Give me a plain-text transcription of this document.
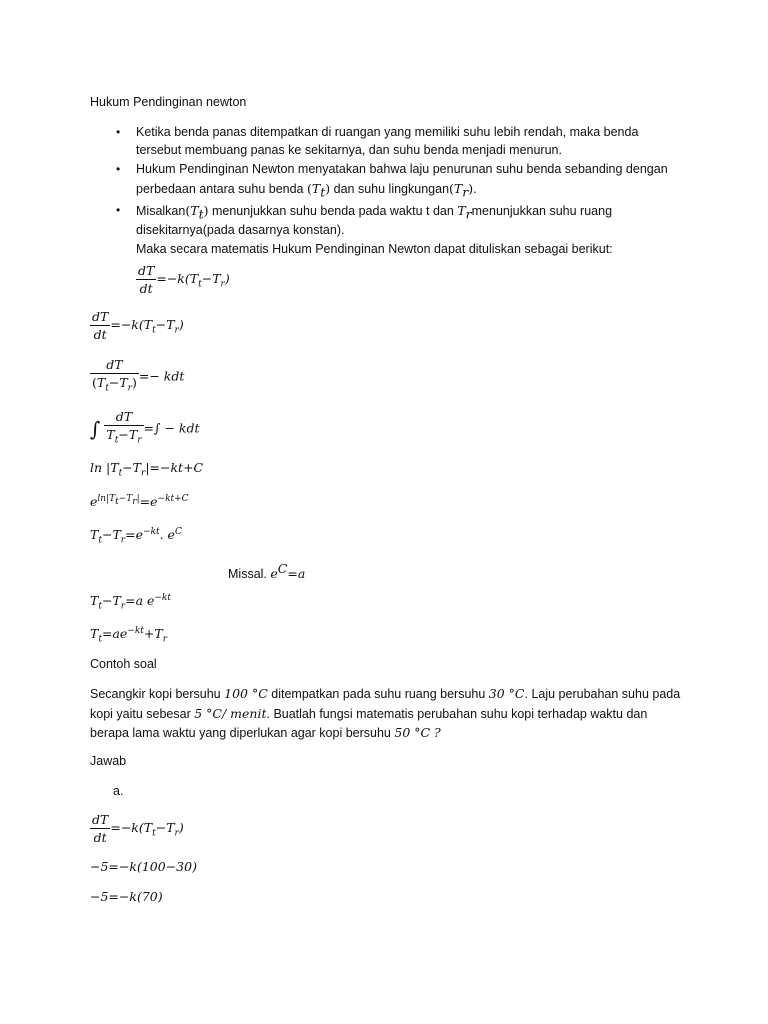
Hukum Pendinginan newton
• Ketika benda panas ditempatkan di ruangan yang memiliki suhu lebih rendah, maka benda
tersebut membuang panas ke sekitarnya, dan suhu benda menjadi menurun.
• Hukum Pendinginan Newton menyatakan bahwa laju penurunan suhu benda sebanding dengan
perbedaan antara suhu benda $(T_t)$ dan suhu $lingkungan(T_r)$.
• $Misalkan(T_t)$ menunjukkan suhu benda pada waktu t dan $T_rmenunjukkan$ suhu ruang
disekitarnya(pada dasarnya konstan).
Maka secara matematis Hukum Pendinginan Newton dapat dituliskan sebagai berikut:
$\frac{dT}{dt} =-k(T_t-T_r)$
$\frac{dT}{dt} =-k(T_t-T_r)$
$\frac{dT}{(T_t-T_r)}$ =− kdt
∫ $\frac{dT}{T_t-T_r}$ =∫ − kdt
$\ln |T_t-T_r|=-kt+C$
$e^{ln|T_t-T_r|}=e^{-kt+C}$
$T_t-T_r=e^{-kt}$. $e^C$
Missal. $e^C=a$
$T_t-T_r=a$ $e^{-kt}$
$T_t=ae^{-kt}+T_r$
Contoh soal
Secangkir kopi bersuhu 100 °C ditempatkan pada suhu ruang bersuhu 30 °C. Laju perubahan suhu pada
kopi yaitu sebesar 5 °C/ menit. Buatlah fungsi matematis perubahan suhu kopi terhadap waktu dan
berapa lama waktu yang diperlukan agar kopi bersuhu 50 °C ?
Jawab
a.
$\frac{dT}{dt} =-k(T_t-T_r)$
−5=−k(100−30)
−5=−k(70)
